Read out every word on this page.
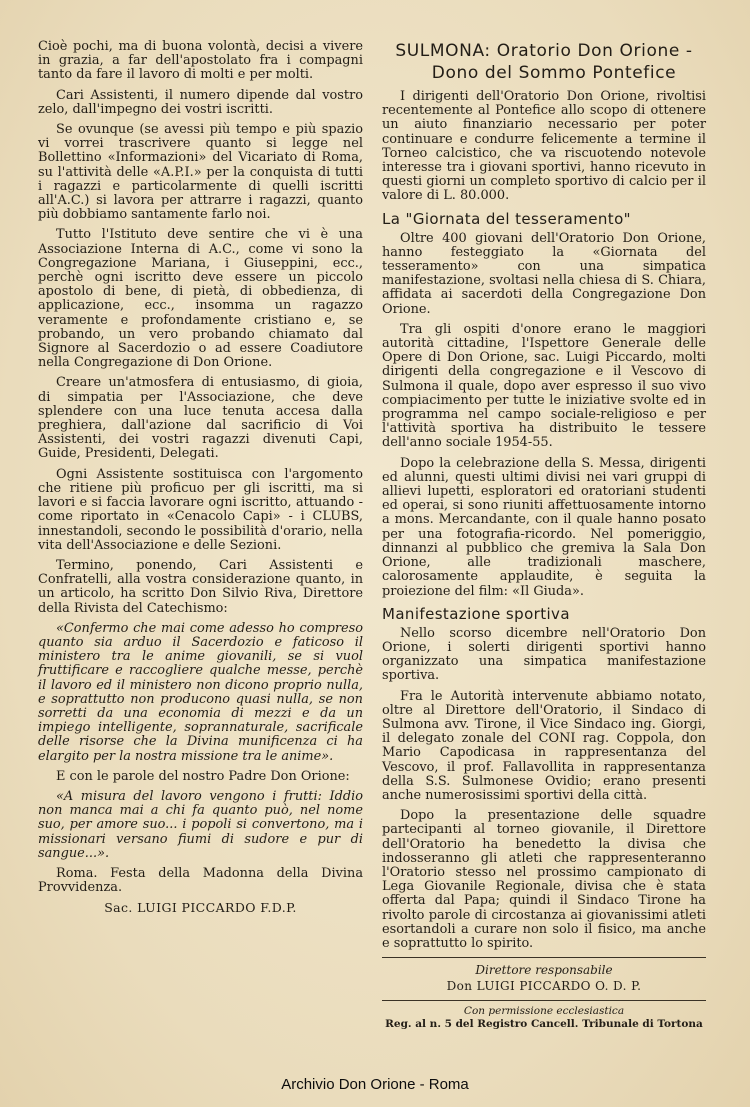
Cioè pochi, ma di buona volontà, decisi a vivere in grazia, a far dell'apostolato fra i compagni tanto da fare il lavoro di molti e per molti.

Cari Assistenti, il numero dipende dal vostro zelo, dall'impegno dei vostri iscritti.

Se ovunque (se avessi più tempo e più spazio vi vorrei trascrivere quanto si legge nel Bollettino «Informazioni» del Vicariato di Roma, su l'attività delle «A.P.I.» per la conquista di tutti i ragazzi e particolarmente di quelli iscritti all'A.C.) si lavora per attrarre i ragazzi, quanto più dobbiamo santamente farlo noi.

Tutto l'Istituto deve sentire che vi è una Associazione Interna di A.C., come vi sono la Congregazione Mariana, i Giuseppini, ecc., perchè ogni iscritto deve essere un piccolo apostolo di bene, di pietà, di obbedienza, di applicazione, ecc., insomma un ragazzo veramente e profondamente cristiano e, se probando, un vero probando chiamato dal Signore al Sacerdozio o ad essere Coadiutore nella Congregazione di Don Orione.

Creare un'atmosfera di entusiasmo, di gioia, di simpatia per l'Associazione, che deve splendere con una luce tenuta accesa dalla preghiera, dall'azione dal sacrificio di Voi Assistenti, dei vostri ragazzi divenuti Capi, Guide, Presidenti, Delegati.

Ogni Assistente sostituisca con l'argomento che ritiene più proficuo per gli iscritti, ma si lavori e si faccia lavorare ogni iscritto, attuando - come riportato in «Cenacolo Capi» - i CLUBS, innestandoli, secondo le possibilità d'orario, nella vita dell'Associazione e delle Sezioni.

Termino, ponendo, Cari Assistenti e Confratelli, alla vostra considerazione quanto, in un articolo, ha scritto Don Silvio Riva, Direttore della Rivista del Catechismo:

«Confermo che mai come adesso ho compreso quanto sia arduo il Sacerdozio e faticoso il ministero tra le anime giovanili, se si vuol fruttificare e raccogliere qualche messe, perchè il lavoro ed il ministero non dicono proprio nulla, e soprattutto non producono quasi nulla, se non sorretti da una economia di mezzi e da un impiego intelligente, soprannaturale, sacrificale delle risorse che la Divina munificenza ci ha elargito per la nostra missione tra le anime».

E con le parole del nostro Padre Don Orione:

«A misura del lavoro vengono i frutti: Iddio non manca mai a chi fa quanto può, nel nome suo, per amore suo... i popoli si convertono, ma i missionari versano fiumi di sudore e pur di sangue...».

Roma. Festa della Madonna della Divina Provvidenza.

Sac. LUIGI PICCARDO F.D.P.

SULMONA: Oratorio Don Orione -
Dono del Sommo Pontefice

I dirigenti dell'Oratorio Don Orione, rivoltisi recentemente al Pontefice allo scopo di ottenere un aiuto finanziario necessario per poter continuare e condurre felicemente a termine il Torneo calcistico, che va riscuotendo notevole interesse tra i giovani sportivi, hanno ricevuto in questi giorni un completo sportivo di calcio per il valore di L. 80.000.

La "Giornata del tesseramento"

Oltre 400 giovani dell'Oratorio Don Orione, hanno festeggiato la «Giornata del tesseramento» con una simpatica manifestazione, svoltasi nella chiesa di S. Chiara, affidata ai sacerdoti della Congregazione Don Orione.

Tra gli ospiti d'onore erano le maggiori autorità cittadine, l'Ispettore Generale delle Opere di Don Orione, sac. Luigi Piccardo, molti dirigenti della congregazione e il Vescovo di Sulmona il quale, dopo aver espresso il suo vivo compiacimento per tutte le iniziative svolte ed in programma nel campo sociale-religioso e per l'attività sportiva ha distribuito le tessere dell'anno sociale 1954-55.

Dopo la celebrazione della S. Messa, dirigenti ed alunni, questi ultimi divisi nei vari gruppi di allievi lupetti, esploratori ed oratoriani studenti ed operai, si sono riuniti affettuosamente intorno a mons. Mercandante, con il quale hanno posato per una fotografia-ricordo. Nel pomeriggio, dinnanzi al pubblico che gremiva la Sala Don Orione, alle tradizionali maschere, calorosamente applaudite, è seguita la proiezione del film: «Il Giuda».

Manifestazione sportiva

Nello scorso dicembre nell'Oratorio Don Orione, i solerti dirigenti sportivi hanno organizzato una simpatica manifestazione sportiva.

Fra le Autorità intervenute abbiamo notato, oltre al Direttore dell'Oratorio, il Sindaco di Sulmona avv. Tirone, il Vice Sindaco ing. Giorgi, il delegato zonale del CONI rag. Coppola, don Mario Capodicasa in rappresentanza del Vescovo, il prof. Fallavollita in rappresentanza della S.S. Sulmonese Ovidio; erano presenti anche numerosissimi sportivi della città.

Dopo la presentazione delle squadre partecipanti al torneo giovanile, il Direttore dell'Oratorio ha benedetto la divisa che indosseranno gli atleti che rappresenteranno l'Oratorio stesso nel prossimo campionato di Lega Giovanile Regionale, divisa che è stata offerta dal Papa; quindi il Sindaco Tirone ha rivolto parole di circostanza ai giovanissimi atleti esortandoli a curare non solo il fisico, ma anche e soprattutto lo spirito.

Direttore responsabile
Don LUIGI PICCARDO O. D. P.
Con permissione ecclesiastica
Reg. al n. 5 del Registro Cancell. Tribunale di Tortona
Archivio Don Orione - Roma
